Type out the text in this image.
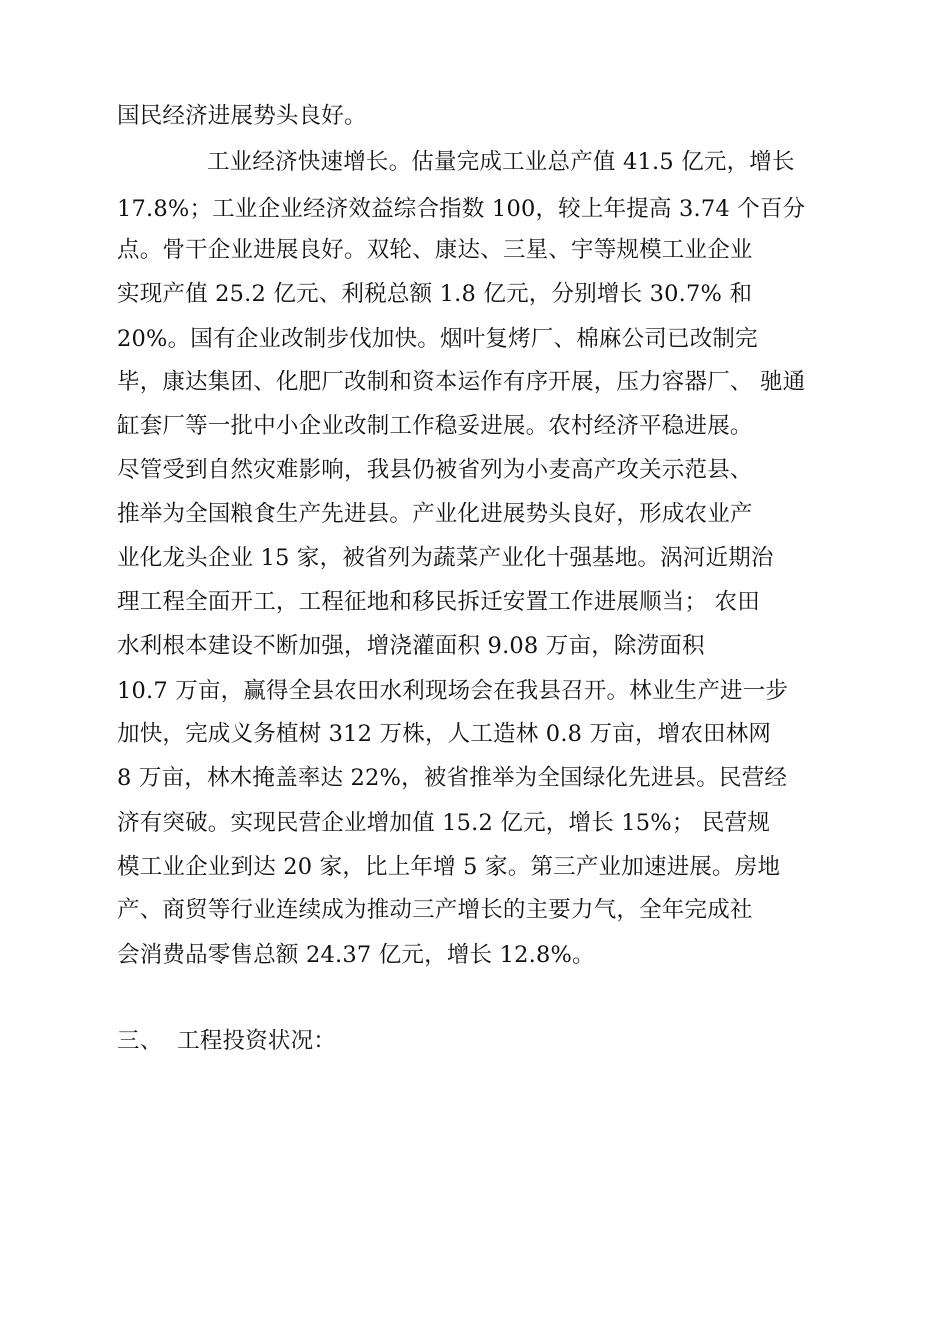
国民经济进展势头良好。
工业经济快速增长。估量完成工业总产值 41.5 亿元，增长
17.8%；工业企业经济效益综合指数 100，较上年提高 3.74 个百分
点。骨干企业进展良好。双轮、康达、三星、宇等规模工业企业
实现产值 25.2 亿元、利税总额 1.8 亿元，分别增长 30.7% 和
20%。国有企业改制步伐加快。烟叶复烤厂、棉麻公司已改制完
毕，康达集团、化肥厂改制和资本运作有序开展，压力容器厂、 驰通
缸套厂等一批中小企业改制工作稳妥进展。农村经济平稳进展。
尽管受到自然灾难影响，我县仍被省列为小麦高产攻关示范县、
推举为全国粮食生产先进县。产业化进展势头良好，形成农业产
业化龙头企业 15 家，被省列为蔬菜产业化十强基地。涡河近期治
理工程全面开工，工程征地和移民拆迁安置工作进展顺当； 农田
水利根本建设不断加强，增浇灌面积 9.08 万亩，除涝面积
10.7 万亩，赢得全县农田水利现场会在我县召开。林业生产进一步
加快，完成义务植树 312 万株，人工造林 0.8 万亩，增农田林网
8 万亩，林木掩盖率达 22%，被省推举为全国绿化先进县。民营经
济有突破。实现民营企业增加值 15.2 亿元，增长 15%； 民营规
模工业企业到达 20 家，比上年增 5 家。第三产业加速进展。房地
产、商贸等行业连续成为推动三产增长的主要力气，全年完成社
会消费品零售总额 24.37 亿元，增长 12.8%。
三、  工程投资状况：
